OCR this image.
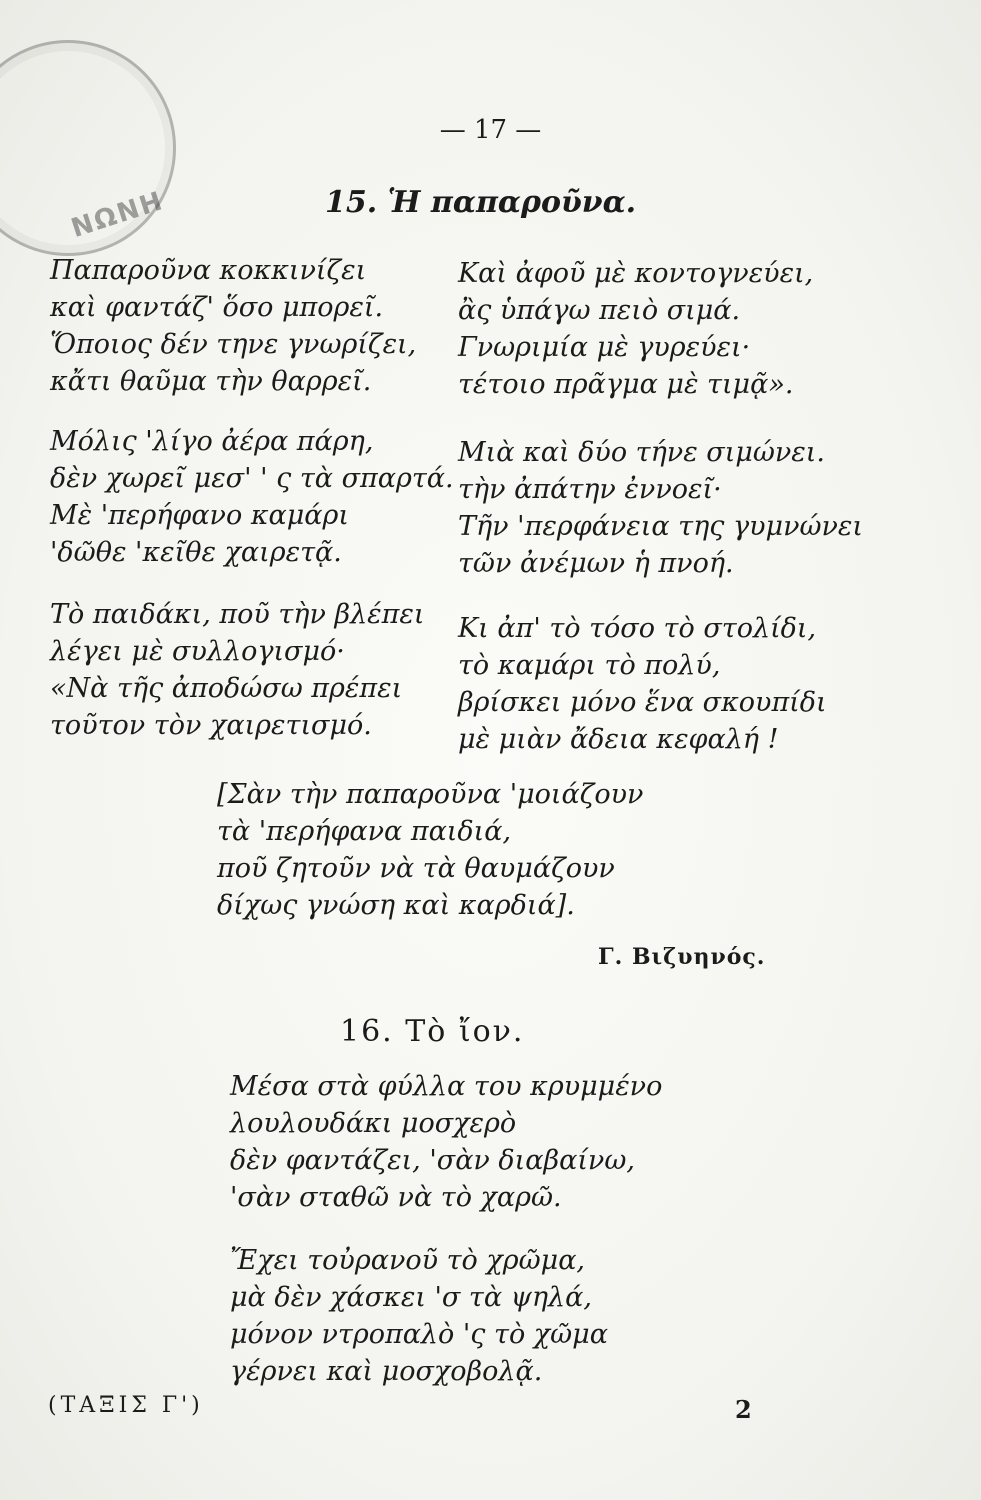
NΩNH
— 17 —
15. Ἡ παπαροῦνα.
Παπαροῦνα κοκκινίζει
καὶ φαντάζ' ὅσο μπορεῖ.
Ὅποιος δέν τηνε γνωρίζει,
κἄτι θαῦμα τὴν θαρρεῖ.
Μόλις 'λίγο ἀέρα πάρη,
δὲν χωρεῖ μεσ' ' ς τὰ σπαρτά.
Μὲ 'περήφανο καμάρι
'δῶθε 'κεῖθε χαιρετᾷ.
Τὸ παιδάκι, ποῦ τὴν βλέπει
λέγει μὲ συλλογισμό·
«Νὰ τῆς ἀποδώσω πρέπει
τοῦτον τὸν χαιρετισμό.
Καὶ ἀφοῦ μὲ κοντογνεύει,
ἂς ὑπάγω πειὸ σιμά.
Γνωριμία μὲ γυρεύει·
τέτοιο πρᾶγμα μὲ τιμᾷ».
Μιὰ καὶ δύο τήνε σιμώνει.
τὴν ἀπάτην ἐννοεῖ·
Τῆν 'περφάνεια της γυμνώνει
τῶν ἀνέμων ἡ πνοή.
Κι ἀπ' τὸ τόσο τὸ στολίδι,
τὸ καμάρι τὸ πολύ,
βρίσκει μόνο ἕνα σκουπίδι
μὲ μιὰν ἄδεια κεφαλή !
[Σὰν τὴν παπαροῦνα 'μοιάζουν
τὰ 'περήφανα παιδιά,
ποῦ ζητοῦν νὰ τὰ θαυμάζουν
δίχως γνώση καὶ καρδιά].
Γ. Βιζυηνός.
16. Τὸ ἴον.
Μέσα στὰ φύλλα του κρυμμένο
λουλουδάκι μοσχερὸ
δὲν φαντάζει, 'σὰν διαβαίνω,
'σὰν σταθῶ νὰ τὸ χαρῶ.
Ἔχει τοὐρανοῦ τὸ χρῶμα,
μὰ δὲν χάσκει 'σ τὰ ψηλά,
μόνον ντροπαλὸ 'ς τὸ χῶμα
γέρνει καὶ μοσχοβολᾷ.
(ΤΑΞΙΣ Γ')	2
